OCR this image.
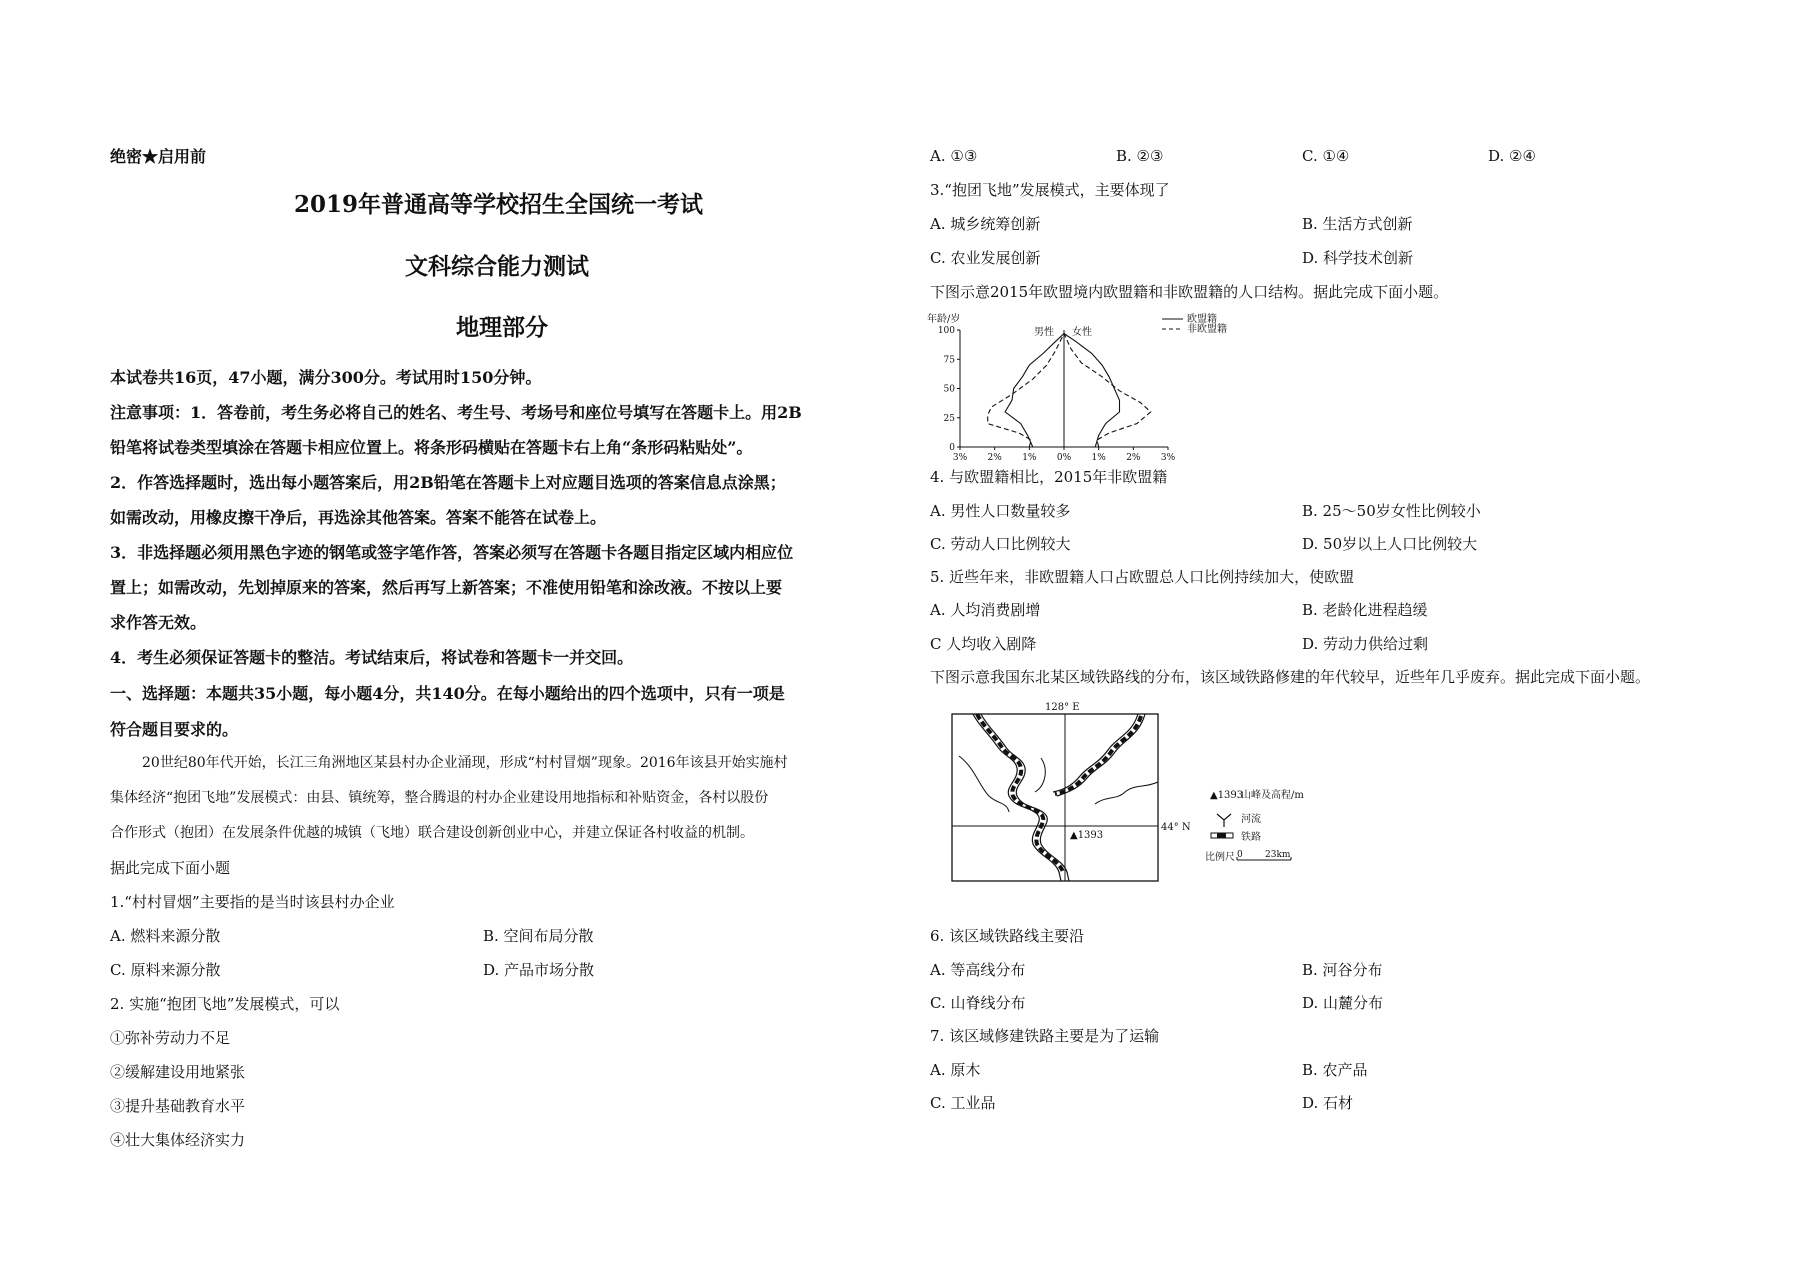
绝密★启用前
2019年普通高等学校招生全国统一考试
文科综合能力测试
地理部分
本试卷共16页，47小题，满分300分。考试用时150分钟。
注意事项：1．答卷前，考生务必将自己的姓名、考生号、考场号和座位号填写在答题卡上。用2B
铅笔将试卷类型填涂在答题卡相应位置上。将条形码横贴在答题卡右上角“条形码粘贴处”。
2．作答选择题时，选出每小题答案后，用2B铅笔在答题卡上对应题目选项的答案信息点涂黑；
如需改动，用橡皮擦干净后，再选涂其他答案。答案不能答在试卷上。
3．非选择题必须用黑色字迹的钢笔或签字笔作答，答案必须写在答题卡各题目指定区域内相应位
置上；如需改动，先划掉原来的答案，然后再写上新答案；不准使用铅笔和涂改液。不按以上要
求作答无效。
4．考生必须保证答题卡的整洁。考试结束后，将试卷和答题卡一并交回。
一、选择题：本题共35小题，每小题4分，共140分。在每小题给出的四个选项中，只有一项是
符合题目要求的。
20世纪80年代开始，长江三角洲地区某县村办企业涌现，形成“村村冒烟”现象。2016年该县开始实施村
集体经济“抱团飞地”发展模式：由县、镇统筹，整合腾退的村办企业建设用地指标和补贴资金，各村以股份
合作形式（抱团）在发展条件优越的城镇（飞地）联合建设创新创业中心，并建立保证各村收益的机制。
据此完成下面小题
1.“村村冒烟”主要指的是当时该县村办企业
A. 燃料来源分散	B. 空间布局分散
C. 原料来源分散	D. 产品市场分散
2. 实施“抱团飞地”发展模式，可以
①弥补劳动力不足
②缓解建设用地紧张
③提升基础教育水平
④壮大集体经济实力
A. ①③	B. ②③	C. ①④	D. ②④
3.“抱团飞地”发展模式，主要体现了
A. 城乡统筹创新	B. 生活方式创新
C. 农业发展创新	D. 科学技术创新
下图示意2015年欧盟境内欧盟籍和非欧盟籍的人口结构。据此完成下面小题。
100
75
50
25
0
3% 2% 1% 0% 1% 2% 3%
年龄/岁
男性 女性
欧盟籍
非欧盟籍
4. 与欧盟籍相比，2015年非欧盟籍
A. 男性人口数量较多	B. 25～50岁女性比例较小
C. 劳动人口比例较大	D. 50岁以上人口比例较大
5. 近些年来，非欧盟籍人口占欧盟总人口比例持续加大，使欧盟
A. 人均消费剧增	B. 老龄化进程趋缓
C 人均收入剧降	D. 劳动力供给过剩
下图示意我国东北某区域铁路线的分布，该区域铁路修建的年代较早，近些年几乎废弃。据此完成下面小题。
128° E
44° N
▲1393
▲1393
山峰及高程/m
河流
铁路
比例尺 0 23km
6. 该区域铁路线主要沿
A. 等高线分布	B. 河谷分布
C. 山脊线分布	D. 山麓分布
7. 该区域修建铁路主要是为了运输
A. 原木	B. 农产品
C. 工业品	D. 石材
